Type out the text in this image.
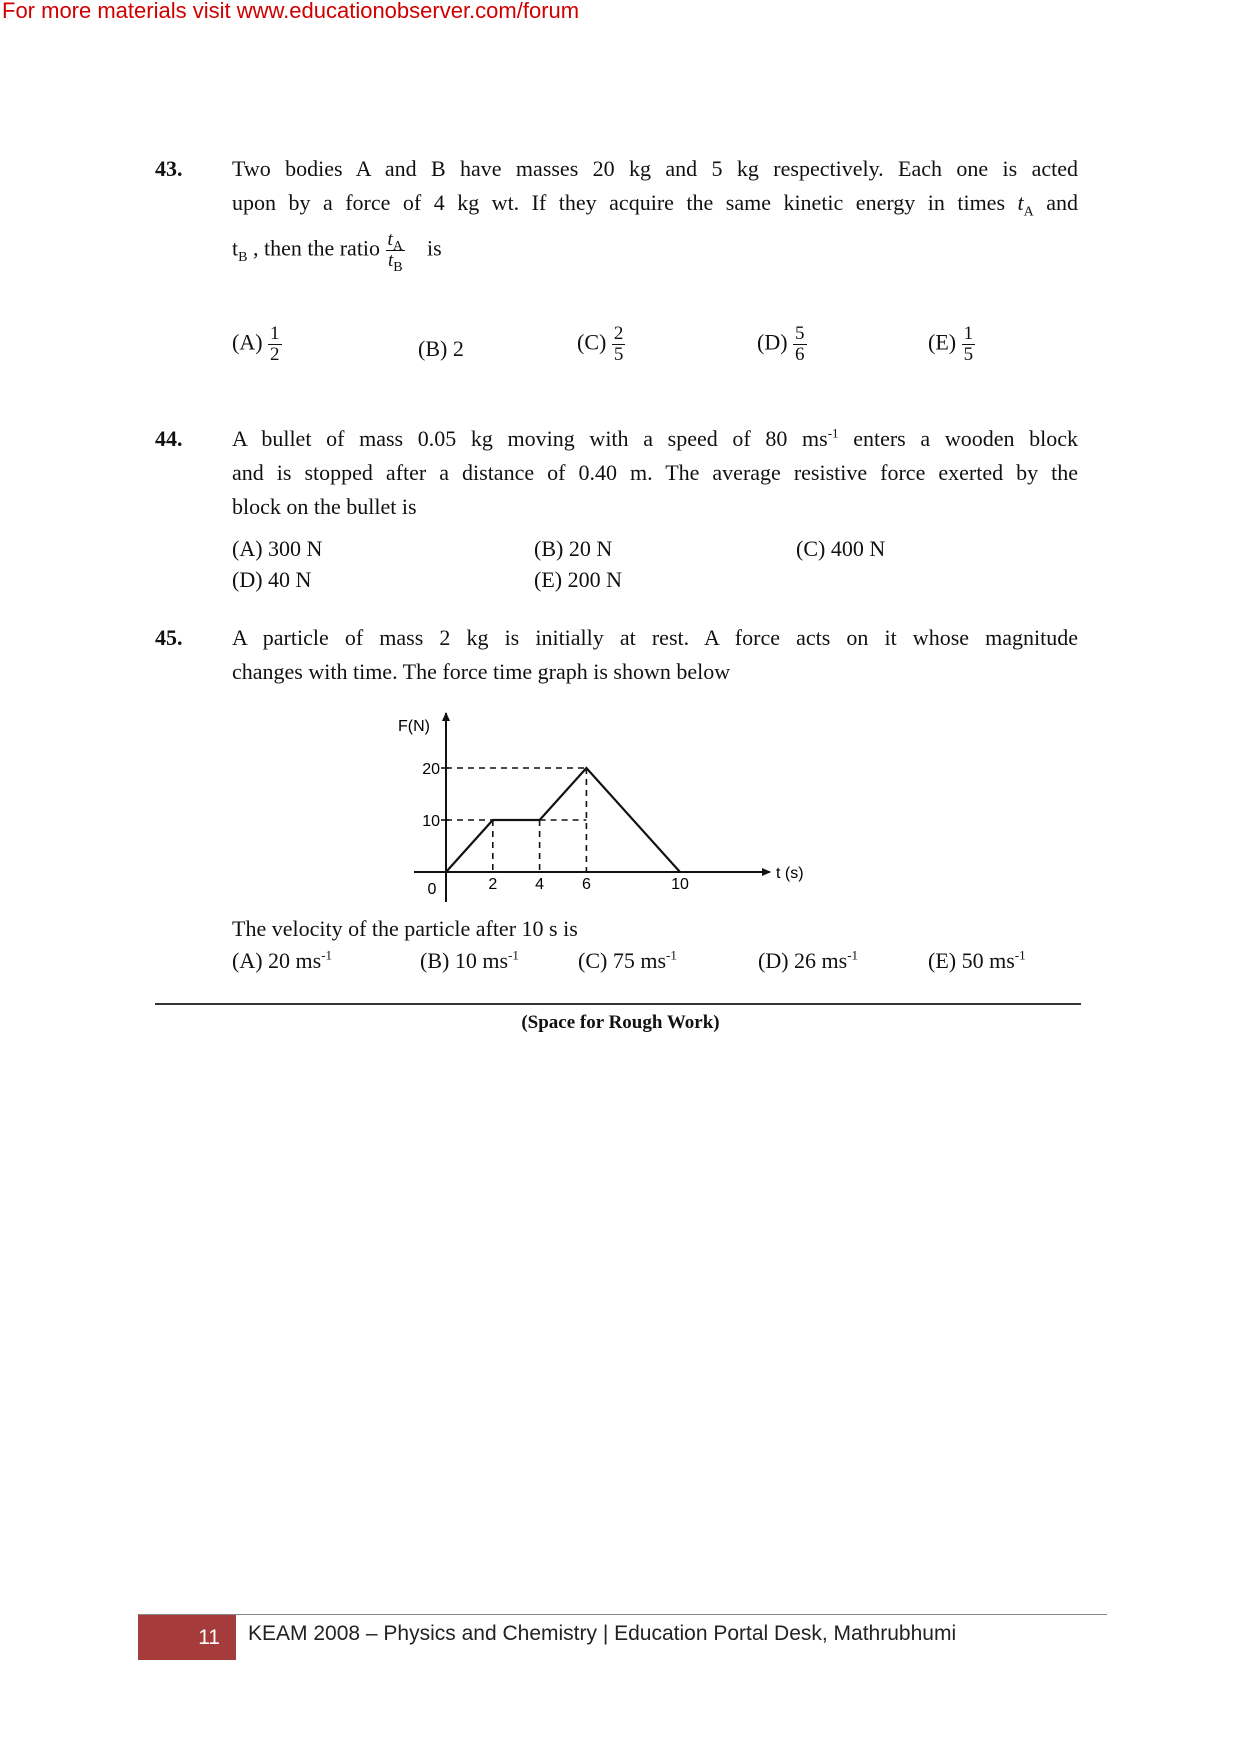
For more materials visit www.educationobserver.com/forum
43. Two bodies A and B have masses 20 kg and 5 kg respectively. Each one is acted
upon by a force of 4 kg wt. If they acquire the same kinetic energy in times $t_A$ and
$t_B$ , then the ratio $\frac{t_A}{t_B}$ is
$(A) \frac{1}{2}$	(B) 2	$(C) \frac{2}{5}$	$(D) \frac{5}{6}$	$(E) \frac{1}{5}$
44. A bullet of mass 0.05 kg moving with a speed of 80 $ms^{-1}$ enters a wooden block
and is stopped after a distance of 0.40 m. The average resistive force exerted by the
block on the bullet is
(A) 300 N	(B) 20 N	(C) 400 N
(D) 40 N	(E) 200 N
45. A particle of mass 2 kg is initially at rest. A force acts on it whose magnitude
changes with time. The force time graph is shown below
F(N)
t (s)
0	2 4 6	10
10
20
The velocity of the particle after 10 s is
(A) 20 $ms^{-1}$	(B) 10 $ms^{-1}$	(C) 75 $ms^{-1}$	(D) 26 $ms^{-1}$	(E) 50 $ms^{-1}$
(Space for Rough Work)
11	KEAM 2008 – Physics and Chemistry | Education Portal Desk, Mathrubhumi
